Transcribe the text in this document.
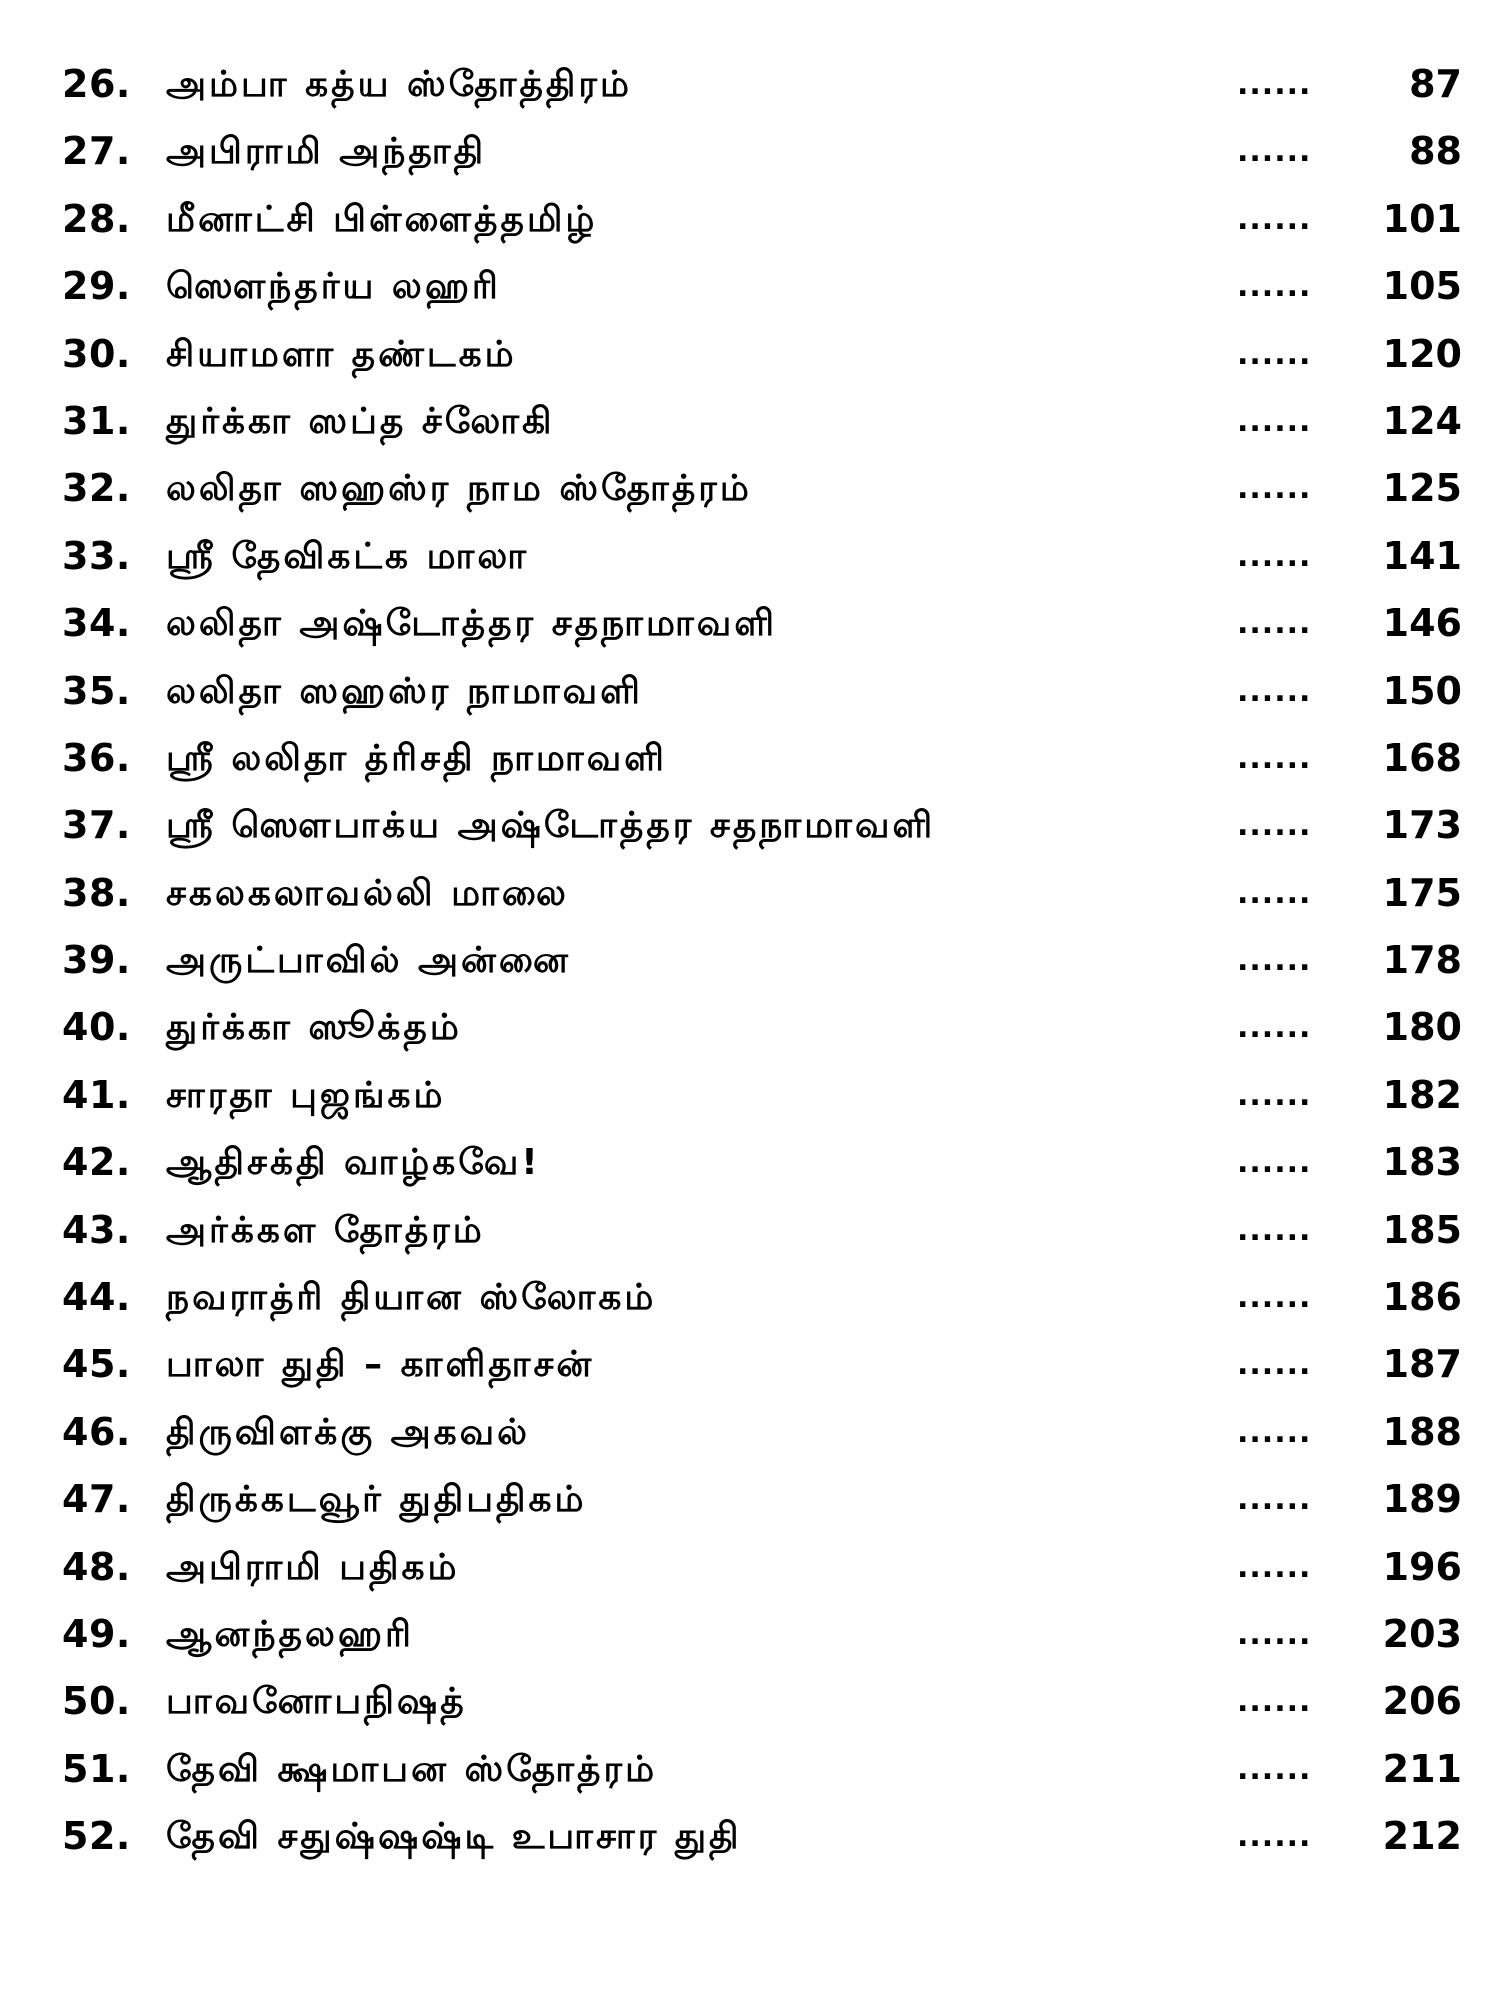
26. அம்பா கத்ய ஸ்தோத்திரம்	......	87
27. அபிராமி அந்தாதி	......	88
28. மீனாட்சி பிள்ளைத்தமிழ்	......	101
29. ஸௌந்தர்ய லஹரி	......	105
30. சியாமளா தண்டகம்	......	120
31. துர்க்கா ஸப்த ச்லோகி	......	124
32. லலிதா ஸஹஸ்ர நாம ஸ்தோத்ரம்	......	125
33. ஸ்ரீ தேவிகட்க மாலா	......	141
34. லலிதா அஷ்டோத்தர சதநாமாவளி	......	146
35. லலிதா ஸஹஸ்ர நாமாவளி	......	150
36. ஸ்ரீ லலிதா த்ரிசதி நாமாவளி	......	168
37. ஸ்ரீ ஸௌபாக்ய அஷ்டோத்தர சதநாமாவளி	......	173
38. சகலகலாவல்லி மாலை	......	175
39. அருட்பாவில் அன்னை	......	178
40. துர்க்கா ஸூக்தம்	......	180
41. சாரதா புஜங்கம்	......	182
42. ஆதிசக்தி வாழ்கவே!	......	183
43. அர்க்கள தோத்ரம்	......	185
44. நவராத்ரி தியான ஸ்லோகம்	......	186
45. பாலா துதி – காளிதாசன்	......	187
46. திருவிளக்கு அகவல்	......	188
47. திருக்கடவூர் துதிபதிகம்	......	189
48. அபிராமி பதிகம்	......	196
49. ஆனந்தலஹரி	......	203
50. பாவனோபநிஷத்	......	206
51. தேவி க்ஷமாபன ஸ்தோத்ரம்	......	211
52. தேவி சதுஷ்ஷஷ்டி உபாசார துதி	......	212
